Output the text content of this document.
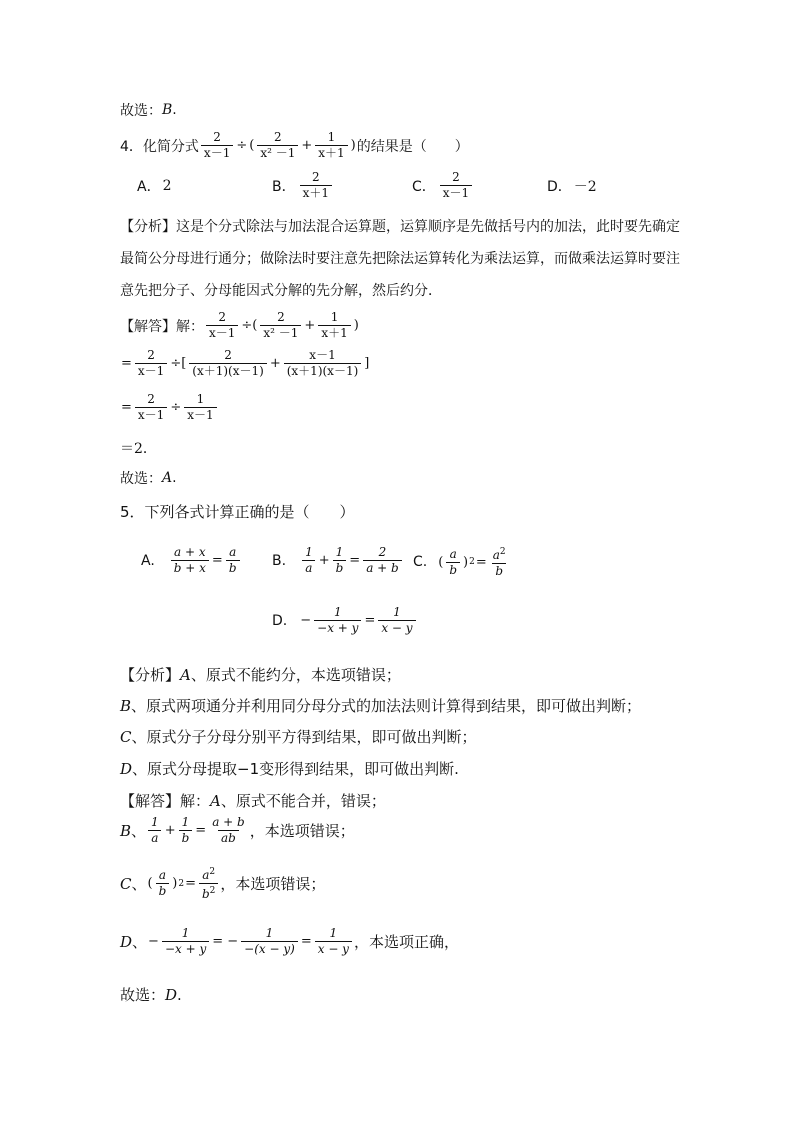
故选： B .
4． 化简分式 $\frac{2}{x-1}$ ÷ ( $\frac{2}{\text{x² －1}} + \frac{1}{x+1}$ ) 的结果是（　　）
A． 2	B． $\frac{2}{x+1}$	C． $\frac{2}{x-1}$	D． －2
【分析】 这是个分式除法与加法混合运算题，运算顺序是先做括号内的加法，此时要先确定
最简公分母进行通分；做除法时要注意先把除法运算转化为乘法运算，而做乘法运算时要注
意先把分子、分母能因式分解的先分解，然后约分．
【解答】 解： $\frac{2}{x-1}$ ÷( $\frac{2}{\text{x² －1}} + \frac{1}{x+1}$ )
= $\frac{2}{x-1}$ ÷[ $\frac{2}{(x+1)(x-1)} + \frac{x-1}{(x+1)(x-1)}$ ]
= $\frac{2}{x-1} \div \frac{1}{x-1}$
＝2．
故选： A .
5． 下列各式计算正确的是（　　）
A. $\frac{a + x}{b + x} = \frac{a}{b} B$. $\frac{1}{a} + \frac{1}{b} = \frac{2}{a + b} C$. ( $\frac{a}{b}$ ) $2 = \frac{a^2}{b}$
D. − $\frac{1}{-x + y} = \frac{1}{x - y}$
【分析】 A 、原式不能约分，本选项错误；
B 、原式两项通分并利用同分母分式的加法法则计算得到结果，即可做出判断；
C 、原式分子分母分别平方得到结果，即可做出判断；
D 、原式分母提取−1变形得到结果，即可做出判断.
【解答】 解： A 、原式不能合并，错误；
B 、 $\frac{1}{a} + \frac{1}{b} = \frac{a + b}{ab}$ ，本选项错误；
C 、 ( $\frac{a}{b}$ ) $2 = \frac{a^2}{b^2}$ ，本选项错误；
D 、 − $\frac{1}{-x + y}$ = − $\frac{1}{-(x - y)} = \frac{1}{x - y}$ ，本选项正确，
故选： D .
